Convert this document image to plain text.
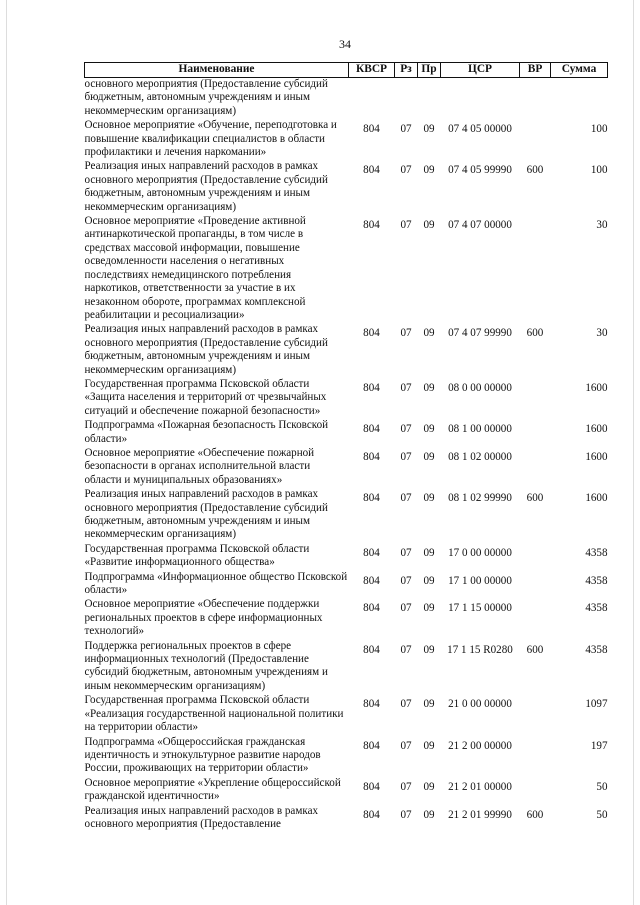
34
Наименование	КВСР	Рз	Пр	ЦСР	ВР	Сумма
основного мероприятия (Предоставление субсидий бюджетным, автономным учреждениям и иным некоммерческим организациям)						
Основное мероприятие «Обучение, переподготовка и повышение квалификации специалистов в области профилактики и лечения наркомании»	804	07	09	07 4 05 00000		100
Реализация иных направлений расходов в рамках основного мероприятия (Предоставление субсидий бюджетным, автономным учреждениям и иным некоммерческим организациям)	804	07	09	07 4 05 99990	600	100
Основное мероприятие «Проведение активной антинаркотической пропаганды, в том числе в средствах массовой информации, повышение осведомленности населения о негативных последствиях немедицинского потребления наркотиков, ответственности за участие в их незаконном обороте, программах комплексной реабилитации и ресоциализации»	804	07	09	07 4 07 00000		30
Реализация иных направлений расходов в рамках основного мероприятия (Предоставление субсидий бюджетным, автономным учреждениям и иным некоммерческим организациям)	804	07	09	07 4 07 99990	600	30
Государственная программа Псковской области «Защита населения и территорий от чрезвычайных ситуаций и обеспечение пожарной безопасности»	804	07	09	08 0 00 00000		1600
Подпрограмма «Пожарная безопасность Псковской области»	804	07	09	08 1 00 00000		1600
Основное мероприятие «Обеспечение пожарной безопасности в органах исполнительной власти области и муниципальных образованиях»	804	07	09	08 1 02 00000		1600
Реализация иных направлений расходов в рамках основного мероприятия (Предоставление субсидий бюджетным, автономным учреждениям и иным некоммерческим организациям)	804	07	09	08 1 02 99990	600	1600
Государственная программа Псковской области «Развитие информационного общества»	804	07	09	17 0 00 00000		4358
Подпрограмма «Информационное общество Псковской области»	804	07	09	17 1 00 00000		4358
Основное мероприятие «Обеспечение поддержки региональных проектов в сфере информационных технологий»	804	07	09	17 1 15 00000		4358
Поддержка региональных проектов в сфере информационных технологий (Предоставление субсидий бюджетным, автономным учреждениям и иным некоммерческим организациям)	804	07	09	17 1 15 R0280	600	4358
Государственная программа Псковской области «Реализация государственной национальной политики на территории области»	804	07	09	21 0 00 00000		1097
Подпрограмма «Общероссийская гражданская идентичность и этнокультурное развитие народов России, проживающих на территории области»	804	07	09	21 2 00 00000		197
Основное мероприятие «Укрепление общероссийской гражданской идентичности»	804	07	09	21 2 01 00000		50
Реализация иных направлений расходов в рамках основного мероприятия (Предоставление	804	07	09	21 2 01 99990	600	50
